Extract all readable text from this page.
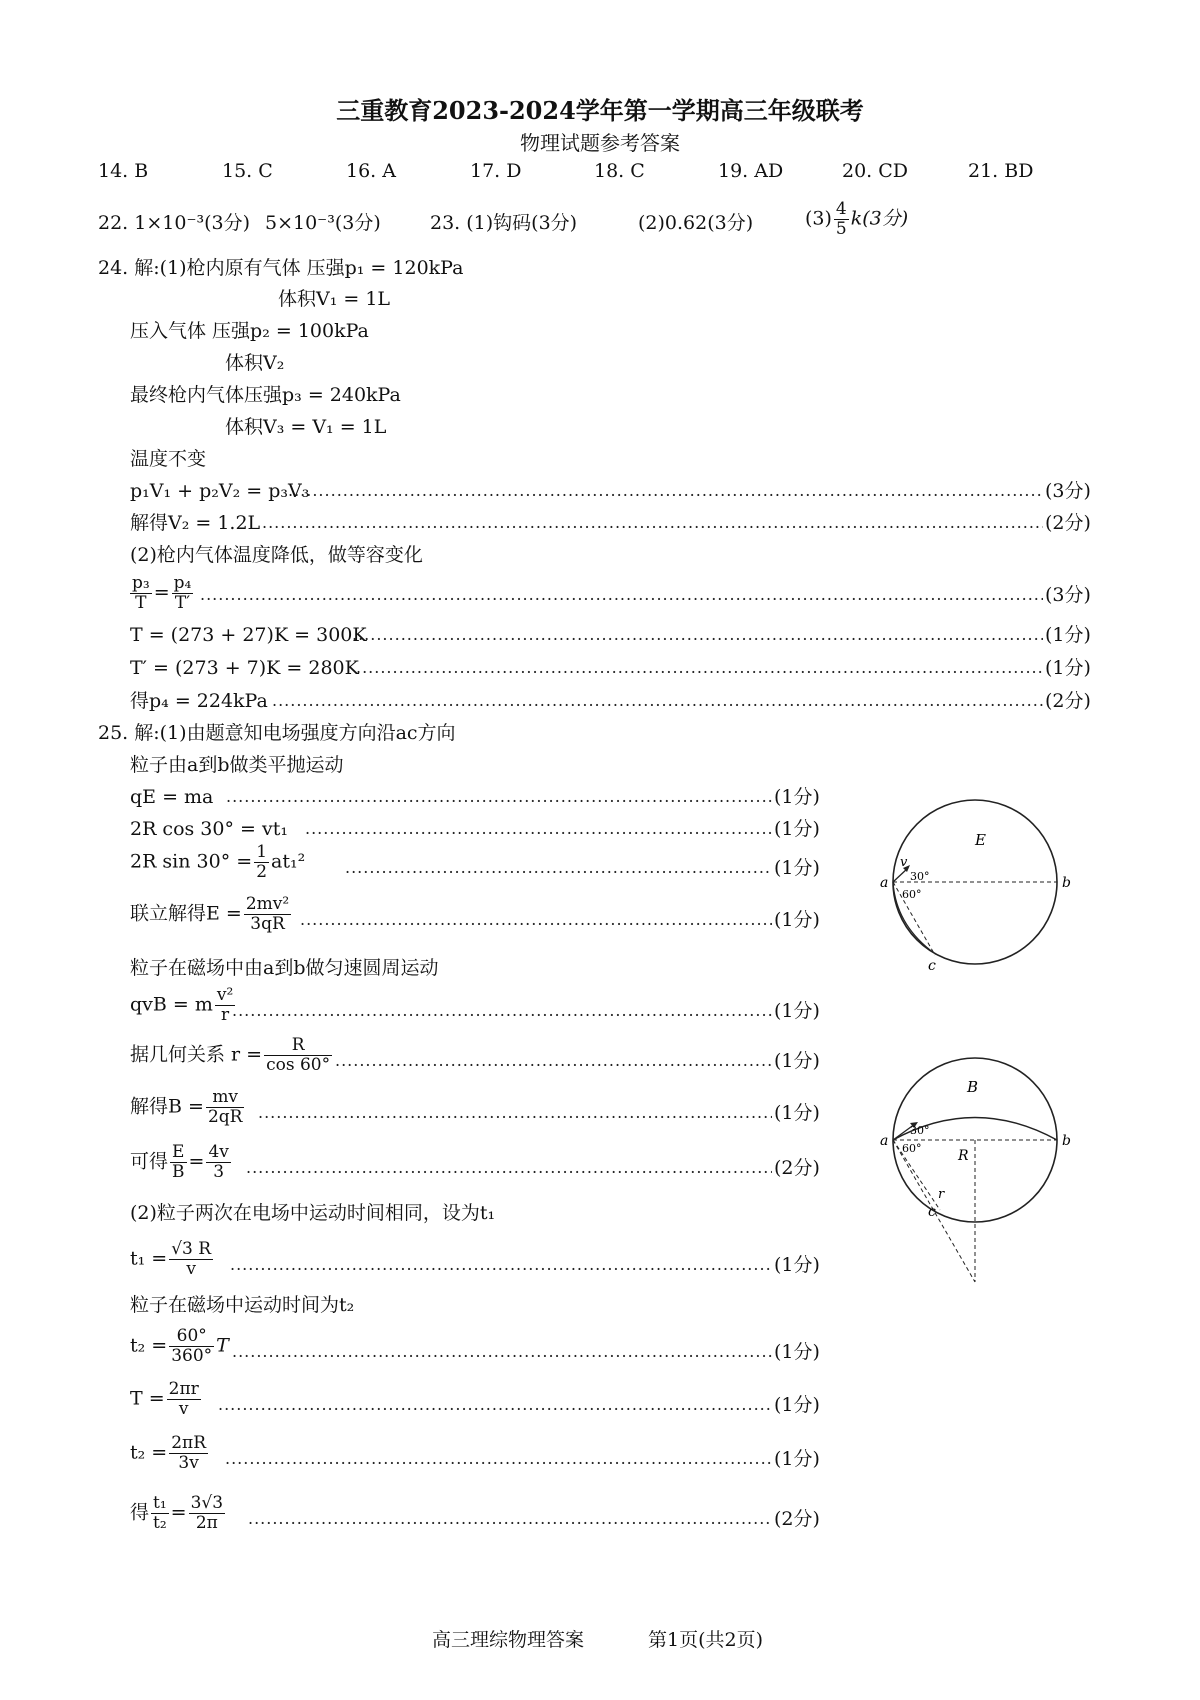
三重教育2023-2024学年第一学期高三年级联考
物理试题参考答案
14. B	15. C	16. A	17. D	18. C	19. AD	20. CD	21. BD
22. 1×10⁻³(3分) 5×10⁻³(3分)	23. (1)钩码(3分)	(2)0.62(3分)	$(3) \frac{4}{5} k(3$分)
24. 解:(1)枪内原有气体 压强p₁ = 120kPa
体积V₁ = 1L
压入气体 压强p₂ = 100kPa
体积V₂
最终枪内气体压强p₃ = 240kPa
体积V₃ = V₁ = 1L
温度不变
p₁V₁ + p₂V₂ = p₃V₃ .....	(3分)
解得V₂ = 1.2L .....	(2分)
(2)枪内气体温度降低，做等容变化
$\frac{\text{p₃}}{T} = \frac{\text{p₄}}{T'}$ .....	(3分)
T = (273 + 27)K = 300K .....	(1分)
T′ = (273 + 7)K = 280K .....	(1分)
得p₄ = 224kPa .....	(2分)
25. 解:(1)由题意知电场强度方向沿ac方向
粒子由a到b做类平抛运动
qE = ma .....	(1分)
2R cos 30° = vt₁ .....	(1分)
2R $\sin 30^\circ = \frac{1}{2} at_1^2$ .....	(1分)
联立解得$E = \frac{\text{2mv²}}{3qR}$ .....	(1分)
粒子在磁场中由a到b做匀速圆周运动
qvB = m $\frac{\text{v²}}{r}$ .....	(1分)
据几何关系 $r = \frac{R}{\cos 60^\circ}$ .....	(1分)
解得$B = \frac{mv}{2qR}$ .....	(1分)
可得 $\frac{E}{B} = \frac{4v}{3}$ .....	(2分)
(2)粒子两次在电场中运动时间相同，设为t₁
$t_1 = \frac{√3 R}{v}$ .....	(1分)
粒子在磁场中运动时间为t₂
$t_2 = \frac{60^\circ}{360^\circ}$ T .....	(1分)
$T = \frac{2\pi r}{v}$ .....	(1分)
$t_2 = \frac{2\pi R}{3v}$ .....	(1分)
得 $\frac{\text{t₁}}{\text{t₂}} = \frac{3√3}{2\pi}$ .....	(2分)
E
a	b
c
v
30°
60°
B
a	b
c
r
R
30°
60°
高三理综物理答案	第1页(共2页)
